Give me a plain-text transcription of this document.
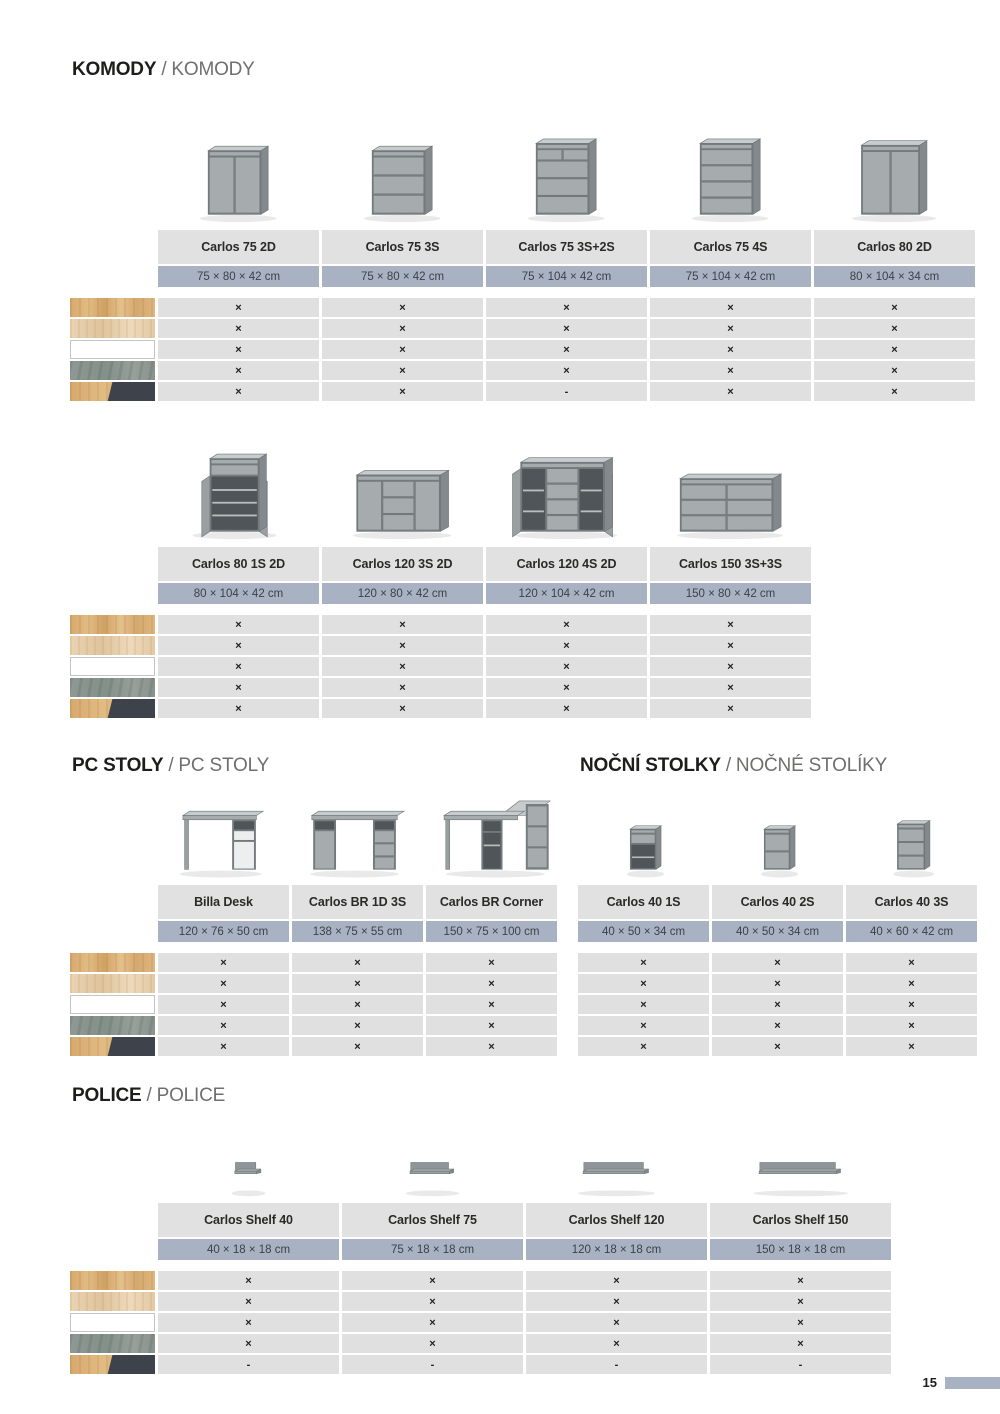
KOMODY / KOMODY
Carlos 75 2D	Carlos 75 3S	Carlos 75 3S+2S	Carlos 75 4S	Carlos 80 2D
75 × 80 × 42 cm	75 × 80 × 42 cm	75 × 104 × 42 cm	75 × 104 × 42 cm	80 × 104 × 34 cm
×	×	×	×	×
×	×	×	×	×
×	×	×	×	×
×	×	×	×	×
×	×	-	×	×
Carlos 80 1S 2D	Carlos 120 3S 2D	Carlos 120 4S 2D	Carlos 150 3S+3S
80 × 104 × 42 cm	120 × 80 × 42 cm	120 × 104 × 42 cm	150 × 80 × 42 cm
×	×	×	×
×	×	×	×
×	×	×	×
×	×	×	×
×	×	×	×
PC STOLY / PC STOLY
Billa Desk	Carlos BR 1D 3S	Carlos BR Corner
120 × 76 × 50 cm	138 × 75 × 55 cm	150 × 75 × 100 cm
×	×	×
×	×	×
×	×	×
×	×	×
×	×	×
NOČNÍ STOLKY / NOČNÉ STOLÍKY
Carlos 40 1S	Carlos 40 2S	Carlos 40 3S
40 × 50 × 34 cm	40 × 50 × 34 cm	40 × 60 × 42 cm
×	×	×
×	×	×
×	×	×
×	×	×
×	×	×
POLICE / POLICE
Carlos Shelf 40	Carlos Shelf 75	Carlos Shelf 120	Carlos Shelf 150
40 × 18 × 18 cm	75 × 18 × 18 cm	120 × 18 × 18 cm	150 × 18 × 18 cm
×	×	×	×
×	×	×	×
×	×	×	×
×	×	×	×
-	-	-	-
15
